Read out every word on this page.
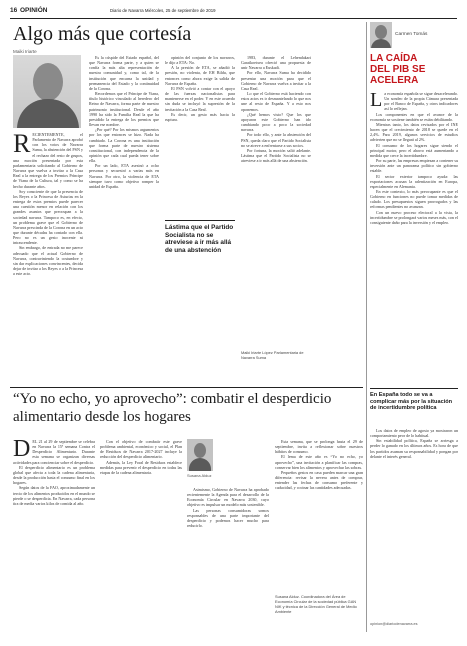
16 OPINIÓN	Diario de Navarra Miércoles, 25 de septiembre de 2019
Algo más que cortesía
Maiki Iriarte
R ECIENTEMENTE, el Parlamento de Navarra aprobó con los votos de Navarra Suma, la abstención del PSN y el rechazo del resto de grupos, una moción presentada por esta parlamentaria solicitando al Gobierno de Navarra que vuelva a invitar a la Casa Real a la entrega de los Premios Príncipe de Viana de la Cultura, tal y como se ha hecho durante años.

Soy consciente de que la presencia de los Reyes o la Princesa de Asturias en la entrega de estos premios puede parecer una cuestión menor en relación con los grandes asuntos que preocupan a la sociedad navarra. Tampoco es, en efecto, un problema grave que el Gobierno de Navarra prescinda de la Corona en un acto que durante décadas ha contado con ella. Pero no es un gesto inocente ni intrascendente.

Sin embargo, de entrada no me parece adecuado que el actual Gobierno de Navarra, contraviniendo la costumbre y sin dar explicaciones convincentes, decida dejar de invitar a los Reyes o a la Princesa a este acto.

Es la cúspide del Estado español, del que Navarra forma parte, y a quien se confía la más alta representación de nuestra comunidad y, como tal, de la institución que encarna la unidad y permanencia del Estado y la continuidad de la Corona.

Recordemos que el Príncipe de Viana, título histórico vinculado al heredero del Reino de Navarra, forma parte de nuestro patrimonio institucional. Desde el año 1990 ha sido la Familia Real la que ha presidido la entrega de los premios que llevan ese nombre.

¿Por qué? Por los mismos argumentos por los que entonces se hizo. Nada ha cambiado. La Corona es una institución que forma parte de nuestro sistema constitucional, con independencia de la opinión que cada cual pueda tener sobre ella.

Por un lado, ETA asesinó a ocho personas y secuestró a varias más en Navarra. Por otro, la violencia de ETA siempre tuvo como objetivo romper la unidad de España.

opinión del conjunto de los navarros, le dijo a ETA: No.

A la presión de ETA, se añadió la presión, no violenta, de EH Bildu, que entonces como ahora exige la salida de Navarra de España.

El PSN volvió a contar con el apoyo de las fuerzas nacionalistas para mantenerse en el poder. Y en este acuerdo sin duda se incluyó la supresión de la invitación a la Casa Real.

Es decir, un gesto más hacia la ruptura.

Lástima que el Partido Socialista no se atreviese a ir más allá de una abstención

1983, durante el Lehendakari Garaikoetxea ofreció una propuesta de unir Navarra a Euskadi.

Por ello, Navarra Suma ha decidido presentar una moción para que el Gobierno de Navarra vuelva a invitar a la Casa Real.

Lo que el Gobierno está haciendo con estos actos es ir desmantelando lo que nos une al resto de España. Y a esto nos oponemos.

¿Qué hemos visto? Que los que apoyaron este Gobierno han ido cambiando poco a poco la sociedad navarra.

Por todo ello, y ante la abstención del PSN, queda claro que el Partido Socialista no se atreve a enfrentarse a sus socios.

Por fortuna, la moción salió adelante. Lástima que el Partido Socialista no se atreviese a ir más allá de una abstención.

Maiki Iriarte López Parlamentaria de Navarra Suma
Carmen Tomás
LA CAÍDA DEL PIB SE ACELERA
L a economía española se sigue desacelerando. Un sondeo de la propia Cámara presentada por el Banco de España, y otros indicadores así lo reflejan.

Los componentes en que el avance de la economía se sostiene también se están debilitando.

Mientras tanto, los datos revisados por el INE hacen que el crecimiento de 2018 se quede en el 2,4%. Para 2019, algunos servicios de estudios advierten que no se llegará al 2%.

El consumo de los hogares sigue siendo el principal motor, pero el ahorro está aumentando a medida que crece la incertidumbre.

Por su parte, las empresas empiezan a contener su inversión ante un panorama político sin gobierno estable.

El sector exterior tampoco ayuda: las exportaciones acusan la ralentización en Europa, especialmente en Alemania.

En este contexto, lo más preocupante es que el Gobierno en funciones no puede tomar medidas de calado. Los presupuestos siguen prorrogados y las reformas pendientes no avanzan.

Con un nuevo proceso electoral a la vista, la incertidumbre se prolongará varios meses más, con el consiguiente daño para la inversión y el empleo.

En España todo se va a complicar más por la situación de incertidumbre política

Los datos de empleo de agosto ya mostraron un comportamiento peor de lo habitual.

Sin estabilidad política, España se arriesga a perder lo ganado en los últimos años. Es hora de que los partidos asuman su responsabilidad y pongan por delante el interés general.

opinion@diariodenavarra.es
“Yo no echo, yo aprovecho”: combatir el desperdicio alimentario desde los hogares
D EL 21 al 29 de septiembre se celebra en Navarra la 15ª semana Contra el Desperdicio Alimentario. Durante esta semana se organizan diversas actividades para concienciar sobre el desperdicio.

El desperdicio alimentario es un problema global que afecta a toda la cadena alimentaria, desde la producción hasta el consumo final en los hogares.

Según datos de la FAO, aproximadamente un tercio de los alimentos producidos en el mundo se pierde o se desperdicia. En Navarra, cada persona tira de media varios kilos de comida al año.

Con el objetivo de combatir este grave problema ambiental, económico y social, el Plan de Residuos de Navarra 2017-2027 incluye la reducción del desperdicio alimentario.

Además, la Ley Foral de Residuos establece medidas para prevenir el desperdicio en todas las etapas de la cadena alimentaria.

Susana Alduz

Asimismo, Gobierno de Navarra ha aprobado recientemente la Agenda para el desarrollo de la Economía Circular en Navarra 2030, cuyo objetivo es impulsar un modelo más sostenible.

Las personas consumidoras somos responsables de una parte importante del desperdicio y podemos hacer mucho para reducirlo.

Esta semana, que se prolonga hasta el 29 de septiembre, invita a reflexionar sobre nuestros hábitos de consumo.

El lema de este año es “Yo no echo, yo aprovecho”, una invitación a planificar las compras, conservar bien los alimentos y aprovechar las sobras.

Pequeños gestos en casa pueden marcar una gran diferencia: revisar la nevera antes de comprar, entender las fechas de consumo preferente y caducidad, y cocinar las cantidades adecuadas.

Susana Alduz. Coordinadora del Área de Economía Circular de la sociedad pública GAN NIK y técnica de la Dirección General de Medio Ambiente
